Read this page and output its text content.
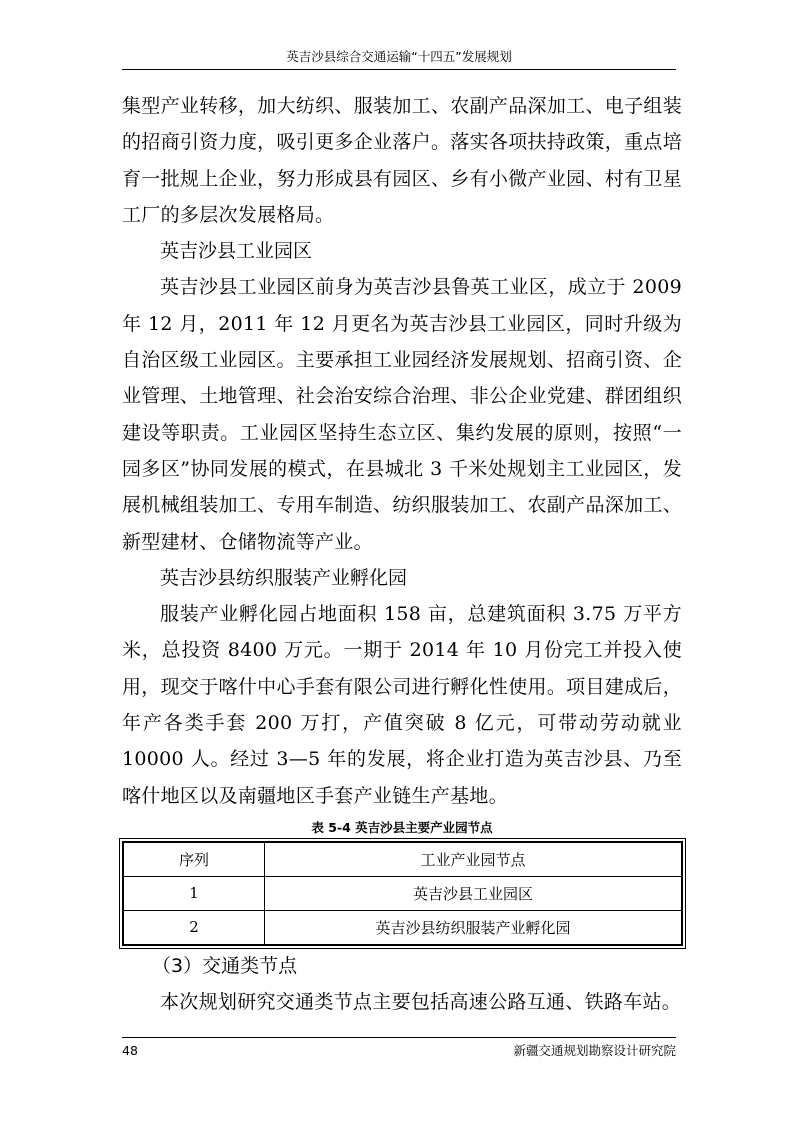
英吉沙县综合交通运输“十四五”发展规划

集型产业转移，加大纺织、服装加工、农副产品深加工、电子组装的招商引资力度，吸引更多企业落户。落实各项扶持政策，重点培育一批规上企业，努力形成县有园区、乡有小微产业园、村有卫星工厂的多层次发展格局。

英吉沙县工业园区

英吉沙县工业园区前身为英吉沙县鲁英工业区，成立于 2009 年 12 月，2011 年 12 月更名为英吉沙县工业园区，同时升级为自治区级工业园区。主要承担工业园经济发展规划、招商引资、企业管理、土地管理、社会治安综合治理、非公企业党建、群团组织建设等职责。工业园区坚持生态立区、集约发展的原则，按照“一园多区”协同发展的模式，在县城北 3 千米处规划主工业园区，发展机械组装加工、专用车制造、纺织服装加工、农副产品深加工、新型建材、仓储物流等产业。

英吉沙县纺织服装产业孵化园

服装产业孵化园占地面积 158 亩，总建筑面积 3.75 万平方米，总投资 8400 万元。一期于 2014 年 10 月份完工并投入使用，现交于喀什中心手套有限公司进行孵化性使用。项目建成后，年产各类手套 200 万打，产值突破 8 亿元，可带动劳动就业 10000 人。经过 3—5 年的发展，将企业打造为英吉沙县、乃至喀什地区以及南疆地区手套产业链生产基地。

表 5-4 英吉沙县主要产业园节点
序列	工业产业园节点
1	英吉沙县工业园区
2	英吉沙县纺织服装产业孵化园

（3）交通类节点

本次规划研究交通类节点主要包括高速公路互通、铁路车站。

48	新疆交通规划勘察设计研究院
